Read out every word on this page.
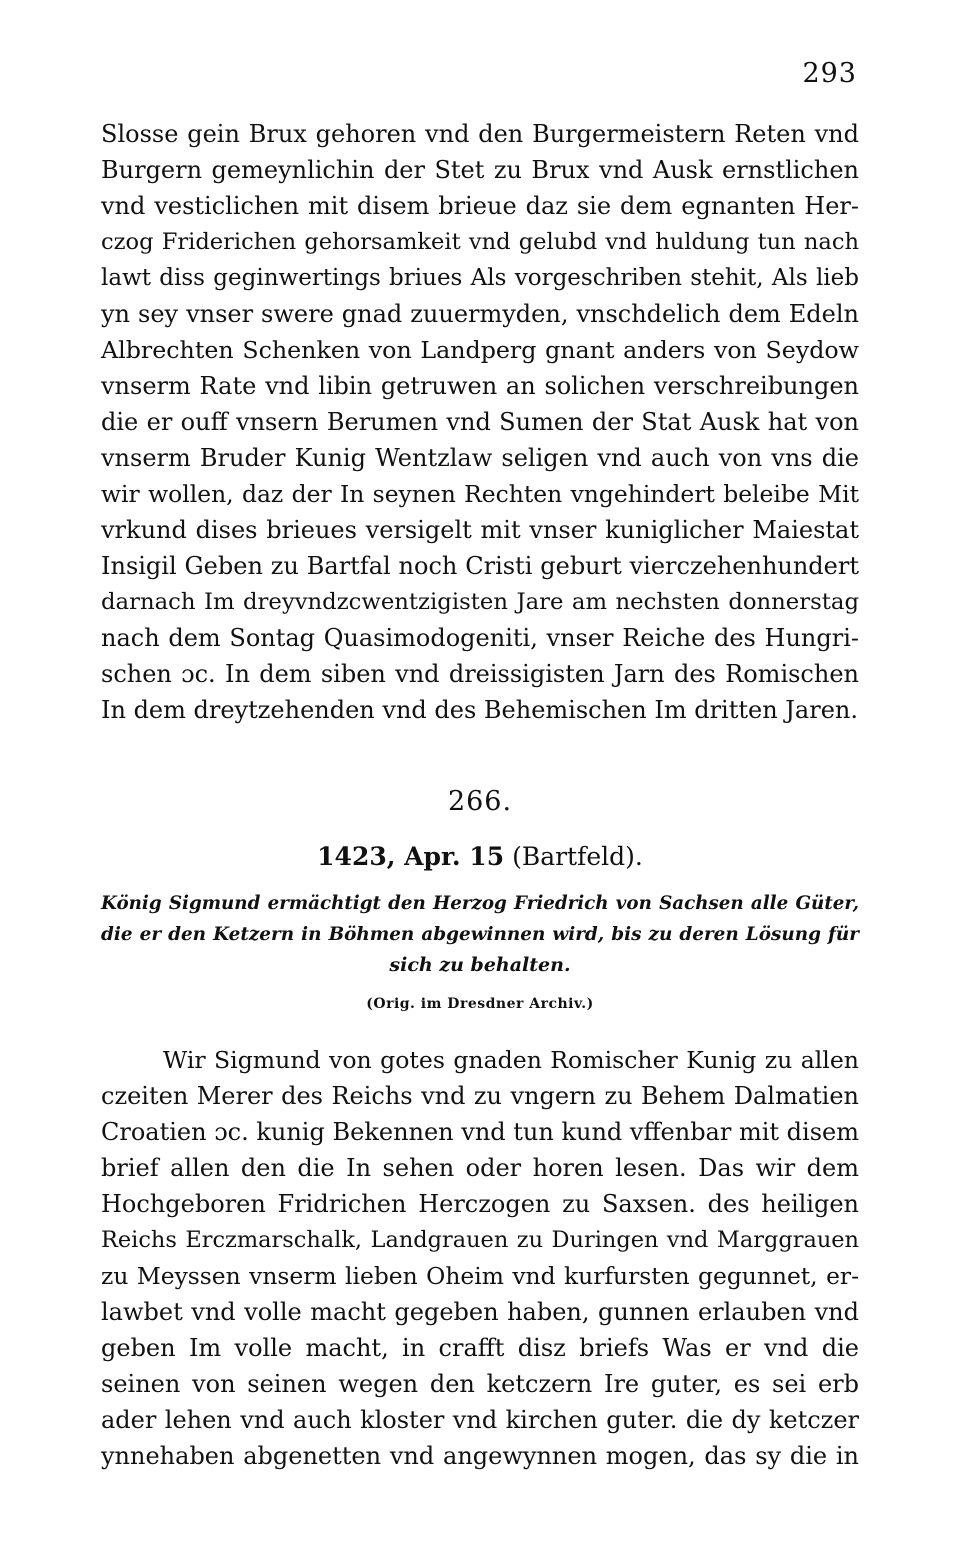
293
Slosse gein Brux gehoren vnd den Burgermeistern Reten vnd
Burgern gemeynlichin der Stet zu Brux vnd Ausk ernstlichen
vnd vesticlichen mit disem brieue daz sie dem egnanten Her-
czog Friderichen gehorsamkeit vnd gelubd vnd huldung tun nach
lawt diss geginwertings briues Als vorgeschriben stehit, Als lieb
yn sey vnser swere gnad zuuermyden, vnschdelich dem Edeln
Albrechten Schenken von Landperg gnant anders von Seydow
vnserm Rate vnd libin getruwen an solichen verschreibungen
die er ouff vnsern Berumen vnd Sumen der Stat Ausk hat von
vnserm Bruder Kunig Wentzlaw seligen vnd auch von vns die
wir wollen, daz der In seynen Rechten vngehindert beleibe Mit
vrkund dises brieues versigelt mit vnser kuniglicher Maiestat
Insigil Geben zu Bartfal noch Cristi geburt vierczehenhundert
darnach Im dreyvndzcwentzigisten Jare am nechsten donnerstag
nach dem Sontag Quasimodogeniti, vnser Reiche des Hungri-
schen ɔc. In dem siben vnd dreissigisten Jarn des Romischen
In dem dreytzehenden vnd des Behemischen Im dritten Jaren.
266.
1423, Apr. 15 (Bartfeld).
König Sigmund ermächtigt den Herzog Friedrich von Sachsen alle Güter,
die er den Ketzern in Böhmen abgewinnen wird, bis zu deren Lösung für
sich zu behalten.
(Orig. im Dresdner Archiv.)
Wir Sigmund von gotes gnaden Romischer Kunig zu allen
czeiten Merer des Reichs vnd zu vngern zu Behem Dalmatien
Croatien ɔc. kunig Bekennen vnd tun kund vffenbar mit disem
brief allen den die In sehen oder horen lesen. Das wir dem
Hochgeboren Fridrichen Herczogen zu Saxsen. des heiligen
Reichs Erczmarschalk, Landgrauen zu Duringen vnd Marggrauen
zu Meyssen vnserm lieben Oheim vnd kurfursten gegunnet, er-
lawbet vnd volle macht gegeben haben, gunnen erlauben vnd
geben Im volle macht, in crafft disz briefs Was er vnd die
seinen von seinen wegen den ketczern Ire guter, es sei erb
ader lehen vnd auch kloster vnd kirchen guter. die dy ketczer
ynnehaben abgenetten vnd angewynnen mogen, das sy die in
